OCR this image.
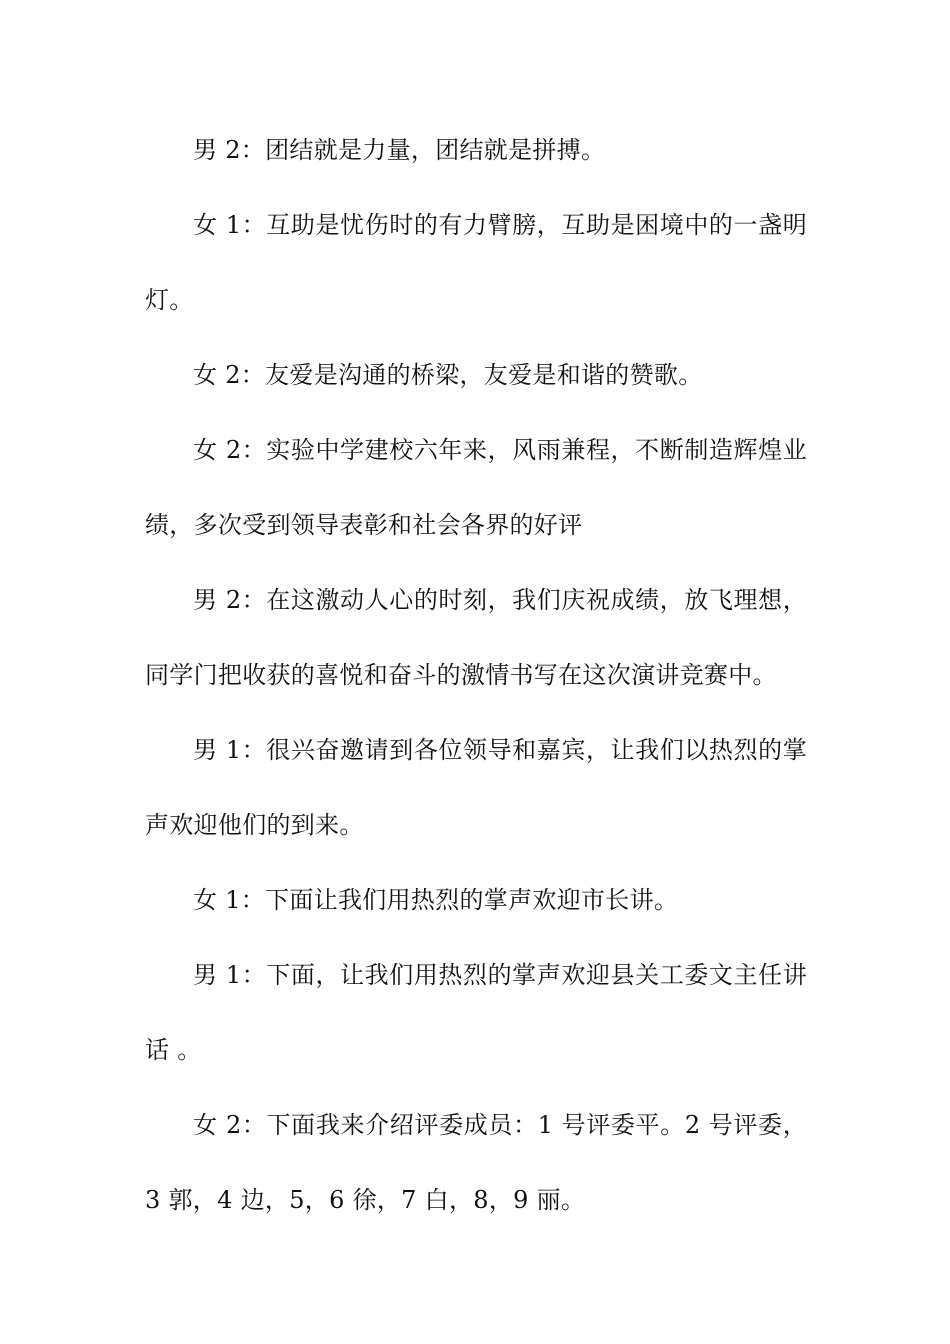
男 2：团结就是力量，团结就是拼搏。

女 1：互助是忧伤时的有力臂膀，互助是困境中的一盏明灯。

女 2：友爱是沟通的桥梁，友爱是和谐的赞歌。

女 2：实验中学建校六年来，风雨兼程，不断制造辉煌业绩，多次受到领导表彰和社会各界的好评

男 2：在这激动人心的时刻，我们庆祝成绩，放飞理想，同学门把收获的喜悦和奋斗的激情书写在这次演讲竞赛中。

男 1：很兴奋邀请到各位领导和嘉宾，让我们以热烈的掌声欢迎他们的到来。

女 1：下面让我们用热烈的掌声欢迎市长讲。

男 1：下面，让我们用热烈的掌声欢迎县关工委文主任讲话 。

女 2：下面我来介绍评委成员：1 号评委平。2 号评委，3 郭，4 边，5，6 徐，7 白，8，9 丽。
